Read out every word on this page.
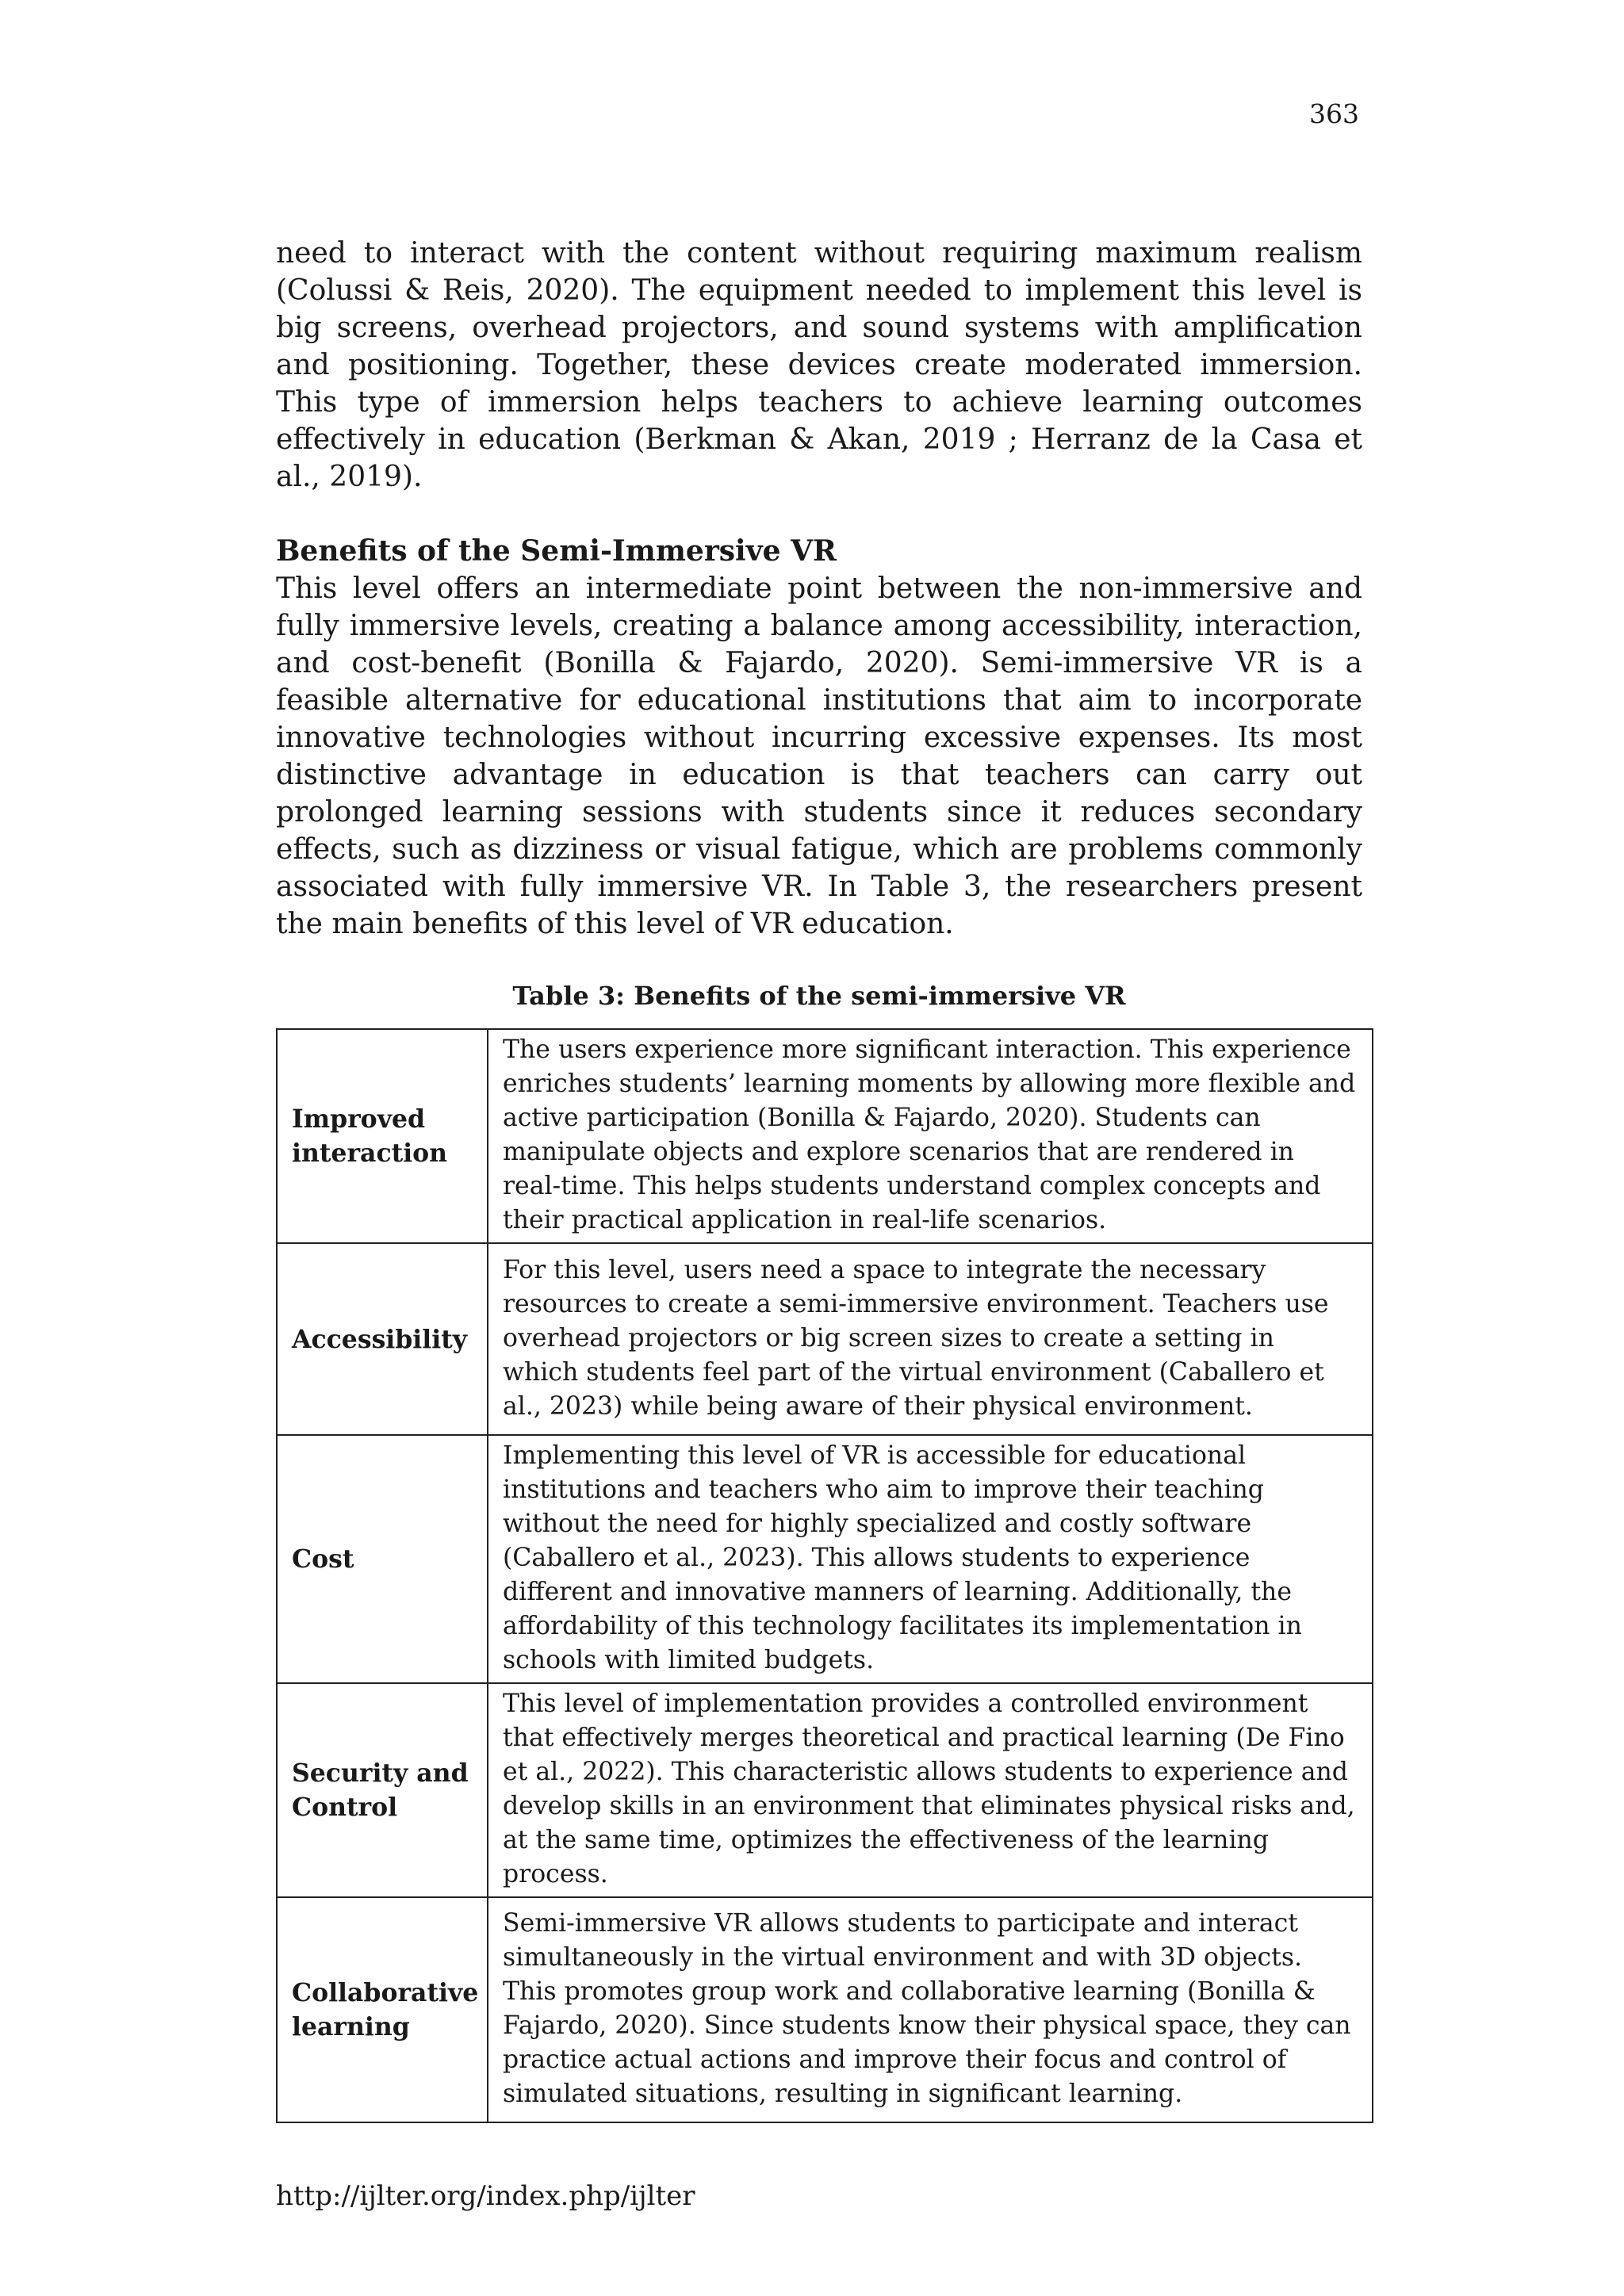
363

need to interact with the content without requiring maximum realism (Colussi & Reis, 2020). The equipment needed to implement this level is big screens, overhead projectors, and sound systems with amplification and positioning. Together, these devices create moderated immersion. This type of immersion helps teachers to achieve learning outcomes effectively in education (Berkman & Akan, 2019 ; Herranz de la Casa et al., 2019).

Benefits of the Semi-Immersive VR

This level offers an intermediate point between the non-immersive and fully immersive levels, creating a balance among accessibility, interaction, and cost-benefit (Bonilla & Fajardo, 2020). Semi-immersive VR is a feasible alternative for educational institutions that aim to incorporate innovative technologies without incurring excessive expenses. Its most distinctive advantage in education is that teachers can carry out prolonged learning sessions with students since it reduces secondary effects, such as dizziness or visual fatigue, which are problems commonly associated with fully immersive VR. In Table 3, the researchers present the main benefits of this level of VR education.

Table 3: Benefits of the semi-immersive VR
Improved interaction	The users experience more significant interaction. This experience enriches students’ learning moments by allowing more flexible and active participation (Bonilla & Fajardo, 2020). Students can manipulate objects and explore scenarios that are rendered in real-time. This helps students understand complex concepts and their practical application in real-life scenarios.
Accessibility	For this level, users need a space to integrate the necessary resources to create a semi-immersive environment. Teachers use overhead projectors or big screen sizes to create a setting in which students feel part of the virtual environment (Caballero et al., 2023) while being aware of their physical environment.
Cost	Implementing this level of VR is accessible for educational institutions and teachers who aim to improve their teaching without the need for highly specialized and costly software (Caballero et al., 2023). This allows students to experience different and innovative manners of learning. Additionally, the affordability of this technology facilitates its implementation in schools with limited budgets.
Security and Control	This level of implementation provides a controlled environment that effectively merges theoretical and practical learning (De Fino et al., 2022). This characteristic allows students to experience and develop skills in an environment that eliminates physical risks and, at the same time, optimizes the effectiveness of the learning process.
Collaborative learning	Semi-immersive VR allows students to participate and interact simultaneously in the virtual environment and with 3D objects. This promotes group work and collaborative learning (Bonilla & Fajardo, 2020). Since students know their physical space, they can practice actual actions and improve their focus and control of simulated situations, resulting in significant learning.
http://ijlter.org/index.php/ijlter
